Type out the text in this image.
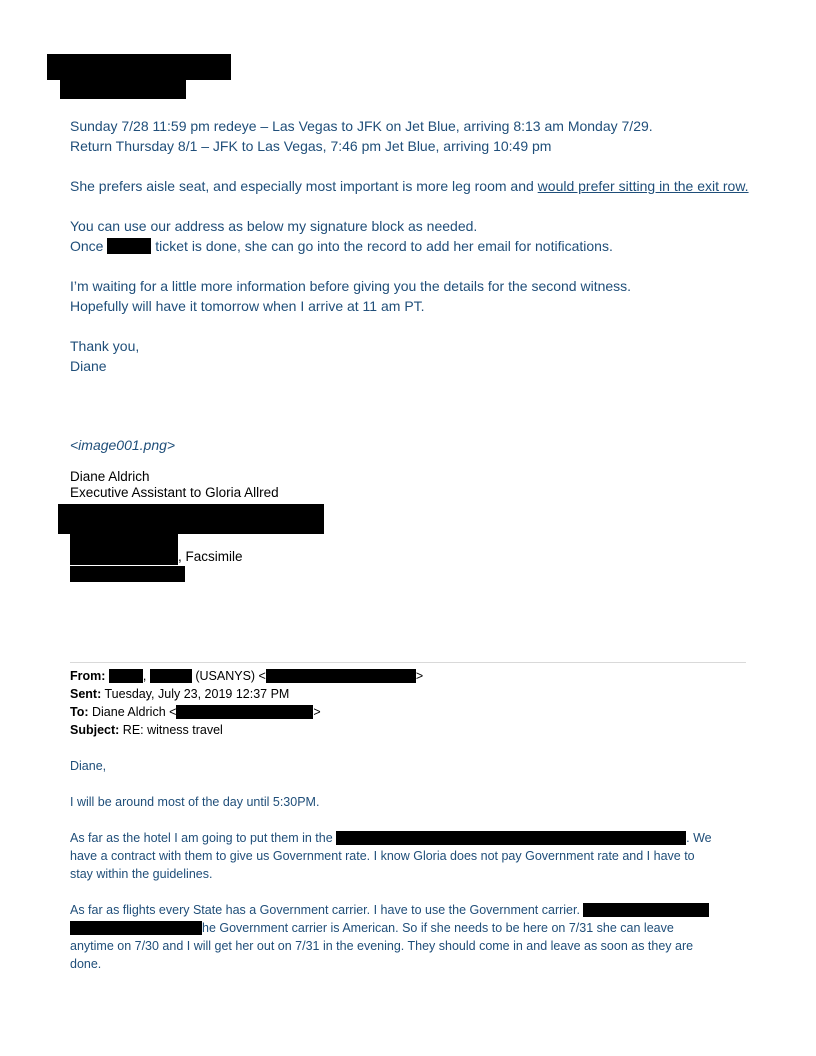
Sunday 7/28 11:59 pm redeye – Las Vegas to JFK on Jet Blue, arriving 8:13 am Monday 7/29.

Return Thursday 8/1 – JFK to Las Vegas, 7:46 pm Jet Blue, arriving 10:49 pm

She prefers aisle seat, and especially most important is more leg room and would prefer sitting in the exit row.

You can use our address as below my signature block as needed.

Once	ticket is done, she can go into the record to add her email for notifications.

I’m waiting for a little more information before giving you the details for the second witness.

Hopefully will have it tomorrow when I arrive at 11 am PT.

Thank you,

Diane

<image001.png>
Diane Aldrich
Executive Assistant to Gloria Allred
, Facsimile
From:	,	(USANYS) <	>
Sent: Tuesday, July 23, 2019 12:37 PM
To: Diane Aldrich <	>
Subject: RE: witness travel

Diane,

I will be around most of the day until 5:30PM.

As far as the hotel I am going to put them in the	. We

have a contract with them to give us Government rate. I know Gloria does not pay Government rate and I have to

stay within the guidelines.

As far as flights every State has a Government carrier. I have to use the Government carrier.

he Government carrier is American. So if she needs to be here on 7/31 she can leave

anytime on 7/30 and I will get her out on 7/31 in the evening. They should come in and leave as soon as they are

done.
